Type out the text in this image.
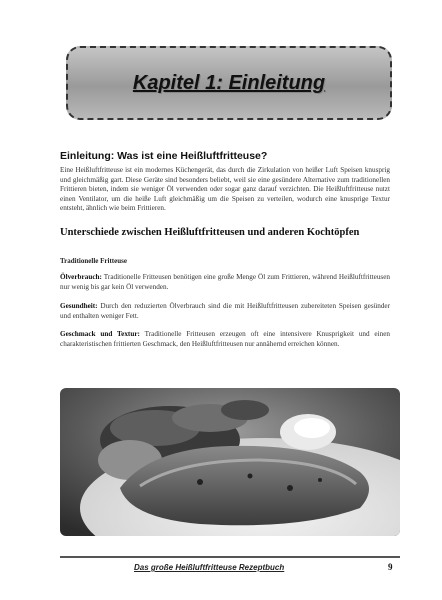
Kapitel 1: Einleitung
Einleitung: Was ist eine Heißluftfritteuse?
Eine Heißluftfritteuse ist ein modernes Küchengerät, das durch die Zirkulation von heißer Luft Speisen knusprig und gleichmäßig gart. Diese Geräte sind besonders beliebt, weil sie eine gesündere Alternative zum traditionellen Frittieren bieten, indem sie weniger Öl verwenden oder sogar ganz darauf verzichten. Die Heißluftfritteuse nutzt einen Ventilator, um die heiße Luft gleichmäßig um die Speisen zu verteilen, wodurch eine knusprige Textur entsteht, ähnlich wie beim Frittieren.
Unterschiede zwischen Heißluftfritteusen und anderen Kochtöpfen
Traditionelle Fritteuse
Ölverbrauch: Traditionelle Fritteusen benötigen eine große Menge Öl zum Frittieren, während Heißluftfritteusen nur wenig bis gar kein Öl verwenden.
Gesundheit: Durch den reduzierten Ölverbrauch sind die mit Heißluftfritteusen zubereiteten Speisen gesünder und enthalten weniger Fett.
Geschmack und Textur: Traditionelle Fritteusen erzeugen oft eine intensivere Knusprigkeit und einen charakteristischen frittierten Geschmack, den Heißluftfritteusen nur annähernd erreichen können.
Das große Heißluftfritteuse Rezeptbuch	9
